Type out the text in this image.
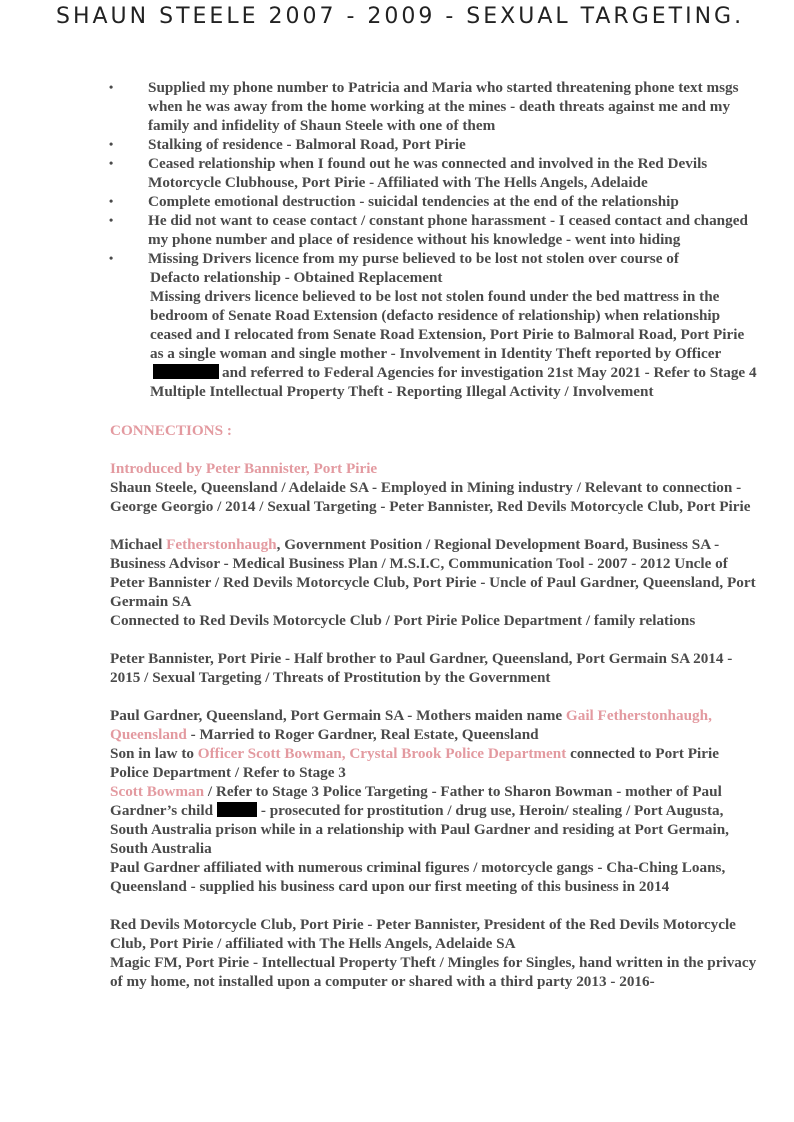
SHAUN STEELE 2007 - 2009 - SEXUAL TARGETING.
• Supplied my phone number to Patricia and Maria who started threatening phone text msgs when he was away from the home working at the mines - death threats against me and my family and infidelity of Shaun Steele with one of them
• Stalking of residence - Balmoral Road, Port Pirie
• Ceased relationship when I found out he was connected and involved in the Red Devils Motorcycle Clubhouse, Port Pirie - Affiliated with The Hells Angels, Adelaide
• Complete emotional destruction - suicidal tendencies at the end of the relationship
• He did not want to cease contact / constant phone harassment - I ceased contact and changed my phone number and place of residence without his knowledge - went into hiding
• Missing Drivers licence from my purse believed to be lost not stolen over course of

Defacto relationship - Obtained Replacement

Missing drivers licence believed to be lost not stolen found under the bed mattress in the bedroom of Senate Road Extension (defacto residence of relationship) when relationship ceased and I relocated from Senate Road Extension, Port Pirie to Balmoral Road, Port Pirie as a single woman and single mother - Involvement in Identity Theft reported by Officerand referred to Federal Agencies for investigation 21st May 2021 - Refer to Stage 4 Multiple Intellectual Property Theft - Reporting Illegal Activity / Involvement

CONNECTIONS :

Introduced by Peter Bannister, Port Pirie

Shaun Steele, Queensland / Adelaide SA - Employed in Mining industry / Relevant to connection - George Georgio / 2014 / Sexual Targeting - Peter Bannister, Red Devils Motorcycle Club, Port Pirie

Michael Fetherstonhaugh, Government Position / Regional Development Board, Business SA - Business Advisor - Medical Business Plan / M.S.I.C, Communication Tool - 2007 - 2012 Uncle of Peter Bannister / Red Devils Motorcycle Club, Port Pirie - Uncle of Paul Gardner, Queensland, Port Germain SA

Connected to Red Devils Motorcycle Club / Port Pirie Police Department / family relations

Peter Bannister, Port Pirie - Half brother to Paul Gardner, Queensland, Port Germain SA 2014 - 2015 / Sexual Targeting / Threats of Prostitution by the Government

Paul Gardner, Queensland, Port Germain SA - Mothers maiden name Gail Fetherstonhaugh, Queensland - Married to Roger Gardner, Real Estate, Queensland

Son in law to Officer Scott Bowman, Crystal Brook Police Department connected to Port Pirie Police Department / Refer to Stage 3

Scott Bowman / Refer to Stage 3 Police Targeting - Father to Sharon Bowman - mother of Paul Gardner’s child	- prosecuted for prostitution / drug use, Heroin/ stealing / Port Augusta, South Australia prison while in a relationship with Paul Gardner and residing at Port Germain, South Australia

Paul Gardner affiliated with numerous criminal figures / motorcycle gangs - Cha-Ching Loans, Queensland - supplied his business card upon our first meeting of this business in 2014

Red Devils Motorcycle Club, Port Pirie - Peter Bannister, President of the Red Devils Motorcycle Club, Port Pirie / affiliated with The Hells Angels, Adelaide SA

Magic FM, Port Pirie - Intellectual Property Theft / Mingles for Singles, hand written in the privacy of my home, not installed upon a computer or shared with a third party 2013 - 2016-
